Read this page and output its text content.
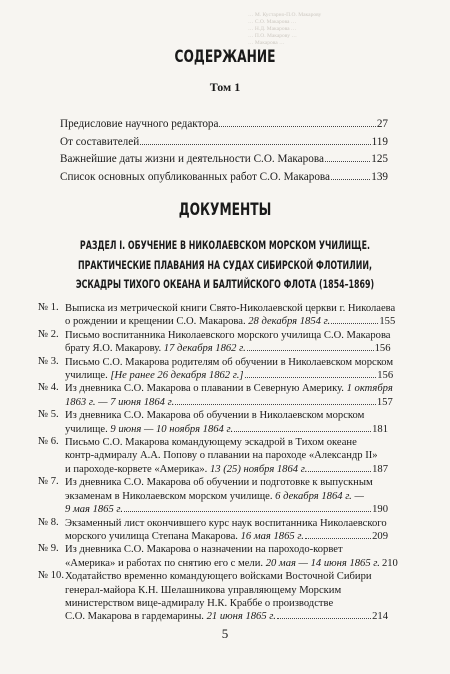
… М. Кустарно-П.О. Макарову
… С.О. Макарова …
… Н.Д. Макарова …
… П.О. Макарову …
… Макарова …
СОДЕРЖАНИЕ
Том 1
Предисловие научного редактора	27
От составителей	119
Важнейшие даты жизни и деятельности С.О. Макарова	125
Список основных опубликованных работ С.О. Макарова	139
ДОКУМЕНТЫ
РАЗДЕЛ I. ОБУЧЕНИЕ В НИКОЛАЕВСКОМ МОРСКОМ УЧИЛИЩЕ.
ПРАКТИЧЕСКИЕ ПЛАВАНИЯ НА СУДАХ СИБИРСКОЙ ФЛОТИЛИИ,
ЭСКАДРЫ ТИХОГО ОКЕАНА И БАЛТИЙСКОГО ФЛОТА (1854–1869)
№ 1. Выписка из метрической книги Свято-Николаевской церкви г. Николаева
о рождении и крещении С.О. Макарова. 28 декабря 1854 г.	155
№ 2. Письмо воспитанника Николаевского морского училища С.О. Макарова
брату Я.О. Макарову. 17 декабря 1862 г.	156
№ 3. Письмо С.О. Макарова родителям об обучении в Николаевском морском
училище. [Не ранее 26 декабря 1862 г.]	156
№ 4. Из дневника С.О. Макарова о плавании в Северную Америку. 1 октября
1863 г. — 7 июня 1864 г.	157
№ 5. Из дневника С.О. Макарова об обучении в Николаевском морском
училище. 9 июня — 10 ноября 1864 г.	181
№ 6. Письмо С.О. Макарова командующему эскадрой в Тихом океане
контр-адмиралу А.А. Попову о плавании на пароходе «Александр II»
и пароходе-корвете «Америка». 13 (25) ноября 1864 г.	187
№ 7. Из дневника С.О. Макарова об обучении и подготовке к выпускным
экзаменам в Николаевском морском училище. 6 декабря 1864 г. —
9 мая 1865 г.	190
№ 8. Экзаменный лист окончившего курс наук воспитанника Николаевского
морского училища Степана Макарова. 16 мая 1865 г.	209
№ 9. Из дневника С.О. Макарова о назначении на пароходо-корвет
«Америка» и работах по снятию его с мели. 20 мая — 14 июня 1865 г. 210
№ 10. Ходатайство временно командующего войсками Восточной Сибири
генерал-майора К.Н. Шелашникова управляющему Морским
министерством вице-адмиралу Н.К. Краббе о производстве
С.О. Макарова в гардемарины. 21 июня 1865 г.	214
5
